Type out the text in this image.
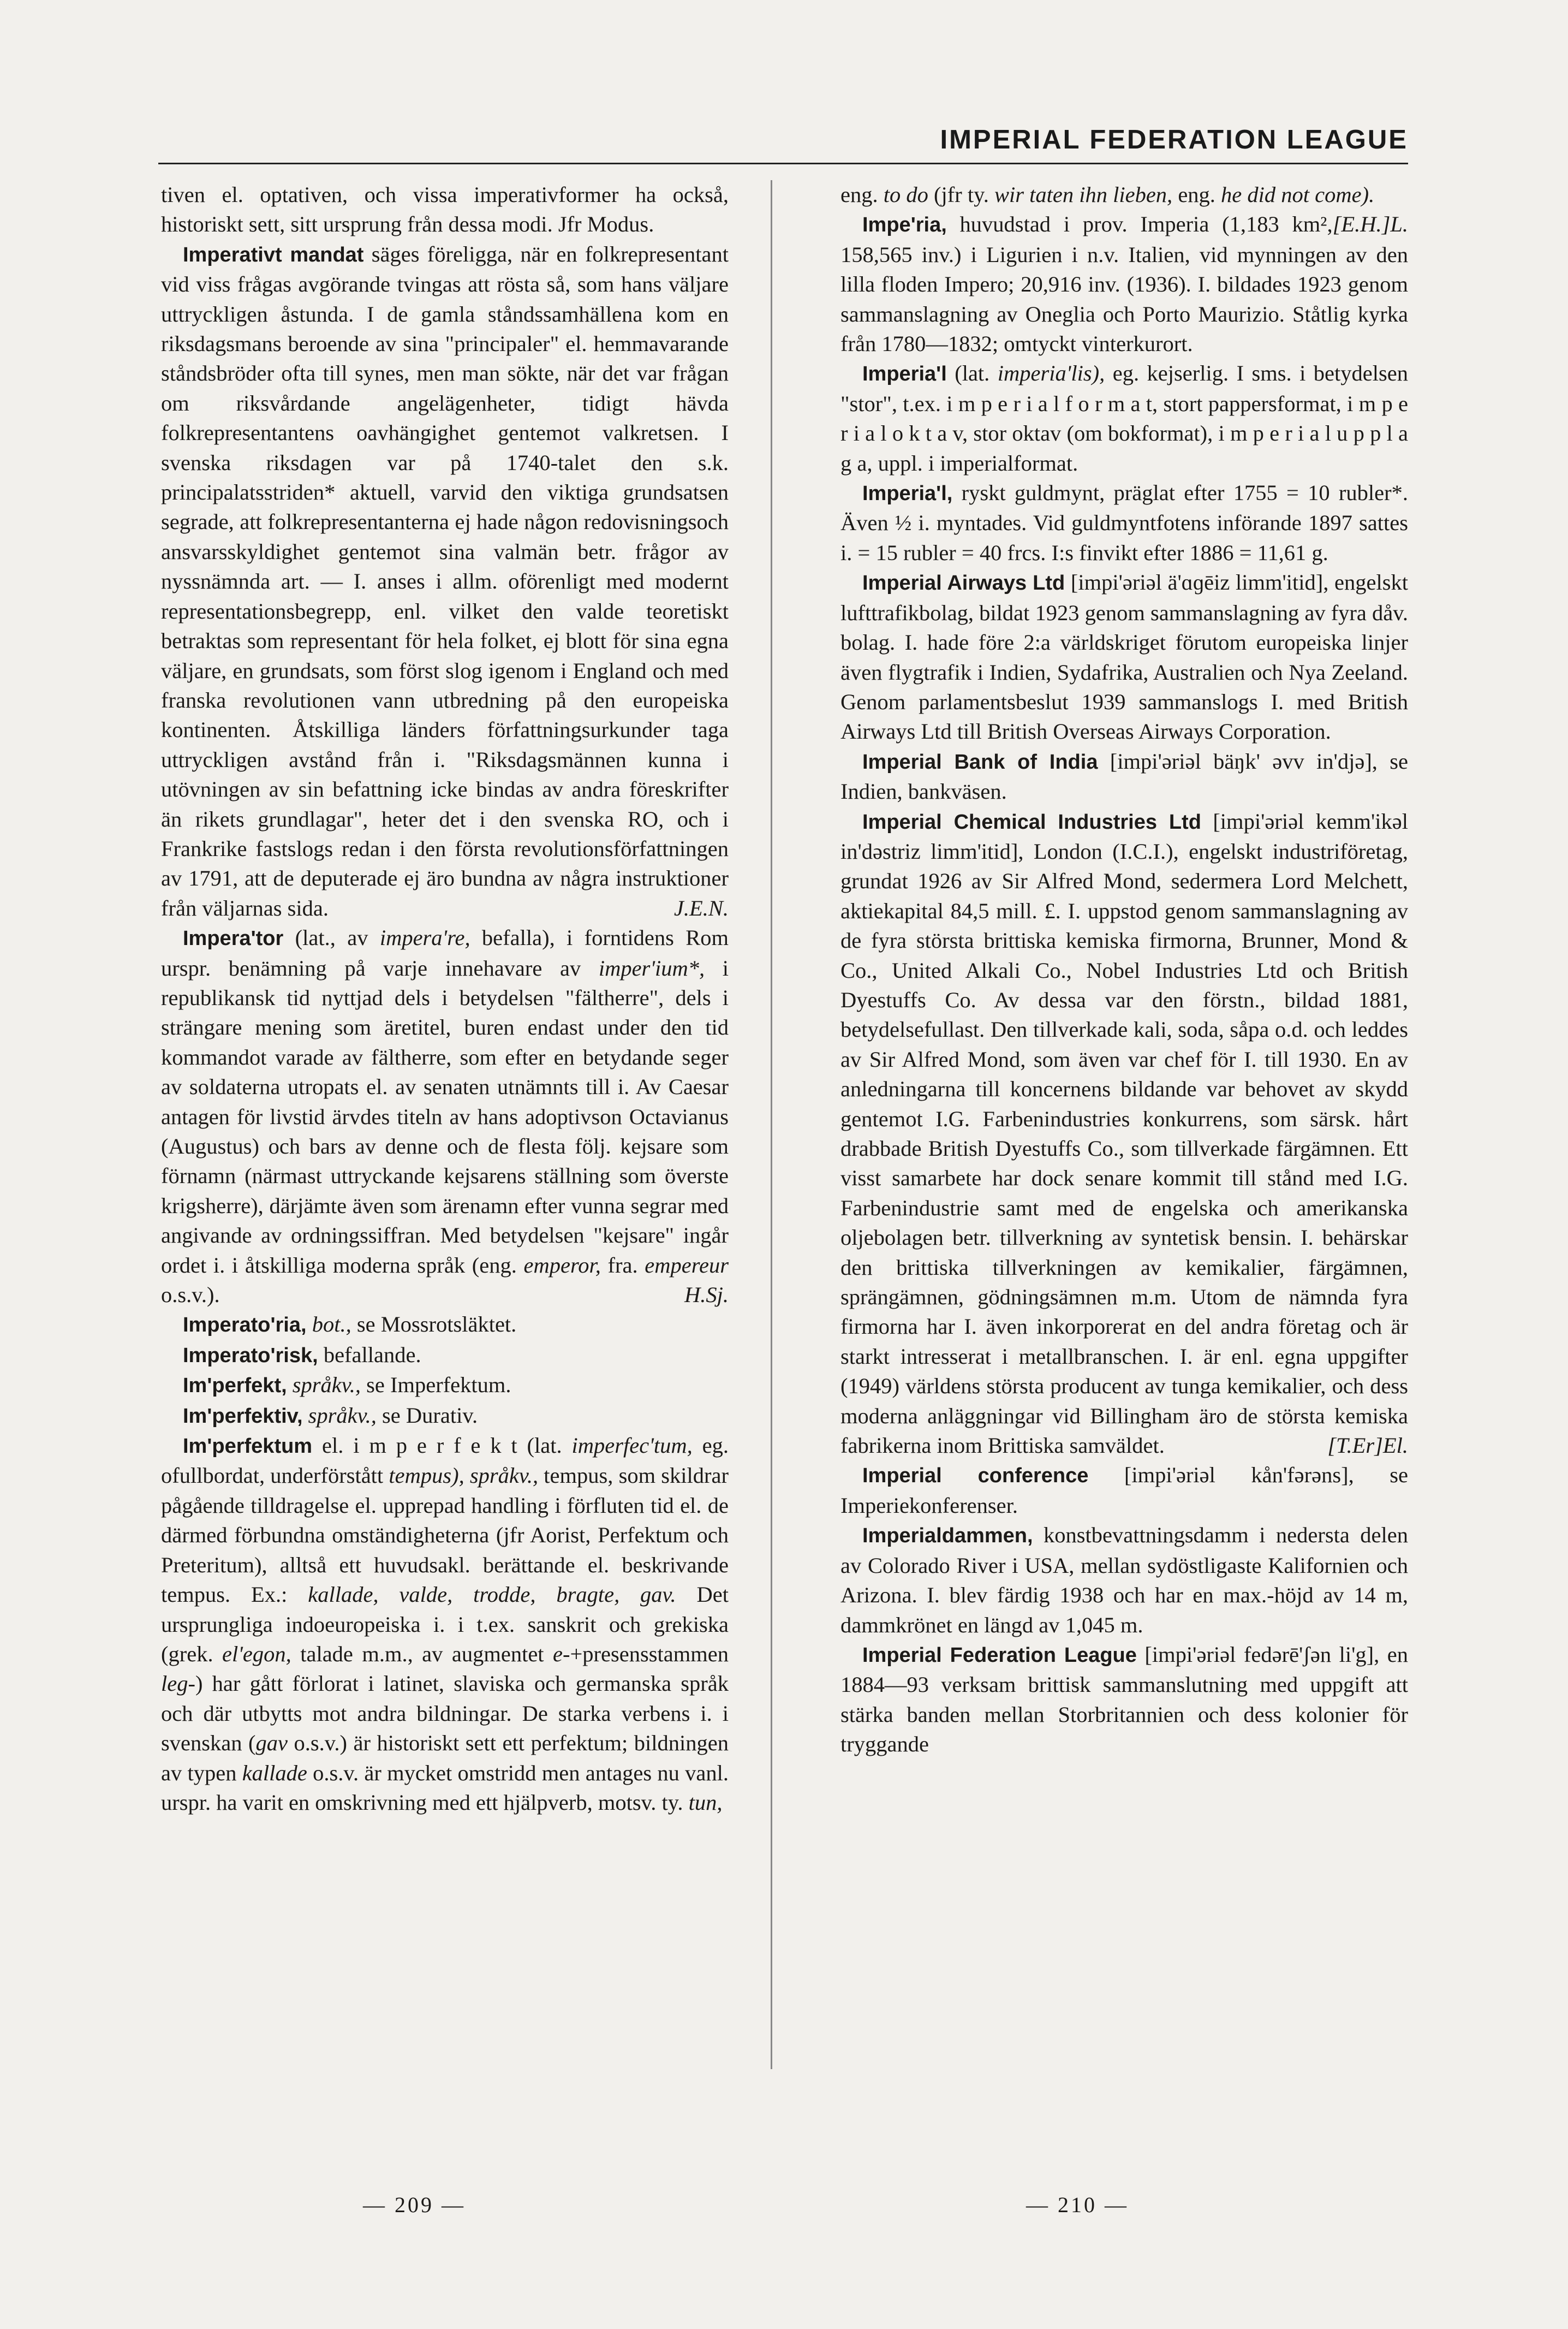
IMPERIAL FEDERATION LEAGUE

tiven el. optativen, och vissa imperativformer ha också, historiskt sett, sitt ursprung från dessa modi. Jfr Modus.

Imperativt mandat säges föreligga, när en folkrepresentant vid viss frågas avgörande tvingas att rösta så, som hans väljare uttryckligen åstunda. I de gamla ståndssamhällena kom en riksdagsmans beroende av sina "principaler" el. hemmavarande ståndsbröder ofta till synes, men man sökte, när det var frågan om riksvårdande angelägenheter, tidigt hävda folkrepresentantens oavhängighet gentemot valkretsen. I svenska riksdagen var på 1740-talet den s.k. principalatsstriden* aktuell, varvid den viktiga grundsatsen segrade, att folkrepresentanterna ej hade någon redovisningsoch ansvarsskyldighet gentemot sina valmän betr. frågor av nyssnämnda art. — I. anses i allm. oförenligt med modernt representationsbegrepp, enl. vilket den valde teoretiskt betraktas som representant för hela folket, ej blott för sina egna väljare, en grundsats, som först slog igenom i England och med franska revolutionen vann utbredning på den europeiska kontinenten. Åtskilliga länders författningsurkunder taga uttryckligen avstånd från i. "Riksdagsmännen kunna i utövningen av sin befattning icke bindas av andra föreskrifter än rikets grundlagar", heter det i den svenska RO, och i Frankrike fastslogs redan i den första revolutionsförfattningen av 1791, att de deputerade ej äro bundna av några instruktioner från väljarnas sida.	J.E.N.

Impera'tor (lat., av impera're, befalla), i forntidens Rom urspr. benämning på varje innehavare av imper'ium*, i republikansk tid nyttjad dels i betydelsen "fältherre", dels i strängare mening som äretitel, buren endast under den tid kommandot varade av fältherre, som efter en betydande seger av soldaterna utropats el. av senaten utnämnts till i. Av Caesar antagen för livstid ärvdes titeln av hans adoptivson Octavianus (Augustus) och bars av denne och de flesta följ. kejsare som förnamn (närmast uttryckande kejsarens ställning som överste krigsherre), därjämte även som ärenamn efter vunna segrar med angivande av ordningssiffran. Med betydelsen "kejsare" ingår ordet i. i åtskilliga moderna språk (eng. emperor, fra. empereur o.s.v.).	H.Sj.

Imperato'ria, bot., se Mossrotsläktet.

Imperato'risk, befallande.

Im'perfekt, språkv., se Imperfektum.

Im'perfektiv, språkv., se Durativ.

Im'perfektum el. i m p e r f e k t (lat. imperfec'tum, eg. ofullbordat, underförstått tempus), språkv., tempus, som skildrar pågående tilldragelse el. upprepad handling i förfluten tid el. de därmed förbundna omständigheterna (jfr Aorist, Perfektum och Preteritum), alltså ett huvudsakl. berättande el. beskrivande tempus. Ex.: kallade, valde, trodde, bragte, gav. Det ursprungliga indoeuropeiska i. i t.ex. sanskrit och grekiska (grek. el'egon, talade m.m., av augmentet e-+presensstammen leg-) har gått förlorat i latinet, slaviska och germanska språk och där utbytts mot andra bildningar. De starka verbens i. i svenskan (gav o.s.v.) är historiskt sett ett perfektum; bildningen av typen kallade o.s.v. är mycket omstridd men antages nu vanl. urspr. ha varit en omskrivning med ett hjälpverb, motsv. ty. tun,

eng. to do (jfr ty. wir taten ihn lieben, eng. he did not come).
[E.H.]L.

Impe'ria, huvudstad i prov. Imperia (1,183 km², 158,565 inv.) i Ligurien i n.v. Italien, vid mynningen av den lilla floden Impero; 20,916 inv. (1936). I. bildades 1923 genom sammanslagning av Oneglia och Porto Maurizio. Ståtlig kyrka från 1780—1832; omtyckt vinterkurort.

Imperia'l (lat. imperia'lis), eg. kejserlig. I sms. i betydelsen "stor", t.ex. i m p e r i a l f o r m a t, stort pappersformat, i m p e r i a l o k t a v, stor oktav (om bokformat), i m p e r i a l u p p l a g a, uppl. i imperialformat.

Imperia'l, ryskt guldmynt, präglat efter 1755 = 10 rubler*. Även ½ i. myntades. Vid guldmyntfotens införande 1897 sattes i. = 15 rubler = 40 frcs. I:s finvikt efter 1886 = 11,61 g.

Imperial Airways Ltd [impi'əriəl ä'ɑɡēiz limm'itid], engelskt lufttrafikbolag, bildat 1923 genom sammanslagning av fyra dåv. bolag. I. hade före 2:a världskriget förutom europeiska linjer även flygtrafik i Indien, Sydafrika, Australien och Nya Zeeland. Genom parlamentsbeslut 1939 sammanslogs I. med British Airways Ltd till British Overseas Airways Corporation.

Imperial Bank of India [impi'əriəl bäŋk' əvv in'djə], se Indien, bankväsen.

Imperial Chemical Industries Ltd [impi'əriəl kemm'ikəl in'dəstriz limm'itid], London (I.C.I.), engelskt industriföretag, grundat 1926 av Sir Alfred Mond, sedermera Lord Melchett, aktiekapital 84,5 mill. £. I. uppstod genom sammanslagning av de fyra största brittiska kemiska firmorna, Brunner, Mond & Co., United Alkali Co., Nobel Industries Ltd och British Dyestuffs Co. Av dessa var den förstn., bildad 1881, betydelsefullast. Den tillverkade kali, soda, såpa o.d. och leddes av Sir Alfred Mond, som även var chef för I. till 1930. En av anledningarna till koncernens bildande var behovet av skydd gentemot I.G. Farbenindustries konkurrens, som särsk. hårt drabbade British Dyestuffs Co., som tillverkade färgämnen. Ett visst samarbete har dock senare kommit till stånd med I.G. Farbenindustrie samt med de engelska och amerikanska oljebolagen betr. tillverkning av syntetisk bensin. I. behärskar den brittiska tillverkningen av kemikalier, färgämnen, sprängämnen, gödningsämnen m.m. Utom de nämnda fyra firmorna har I. även inkorporerat en del andra företag och är starkt intresserat i metallbranschen. I. är enl. egna uppgifter (1949) världens största producent av tunga kemikalier, och dess moderna anläggningar vid Billingham äro de största kemiska fabrikerna inom Brittiska samväldet.	[T.Er]El.

Imperial conference [impi'əriəl kån'fərəns], se Imperiekonferenser.

Imperialdammen, konstbevattningsdamm i nedersta delen av Colorado River i USA, mellan sydöstligaste Kalifornien och Arizona. I. blev färdig 1938 och har en max.-höjd av 14 m, dammkrönet en längd av 1,045 m.

Imperial Federation League [impi'əriəl fedərē'ʃən li'g], en 1884—93 verksam brittisk sammanslutning med uppgift att stärka banden mellan Storbritannien och dess kolonier för tryggande

— 209 —	— 210 —
